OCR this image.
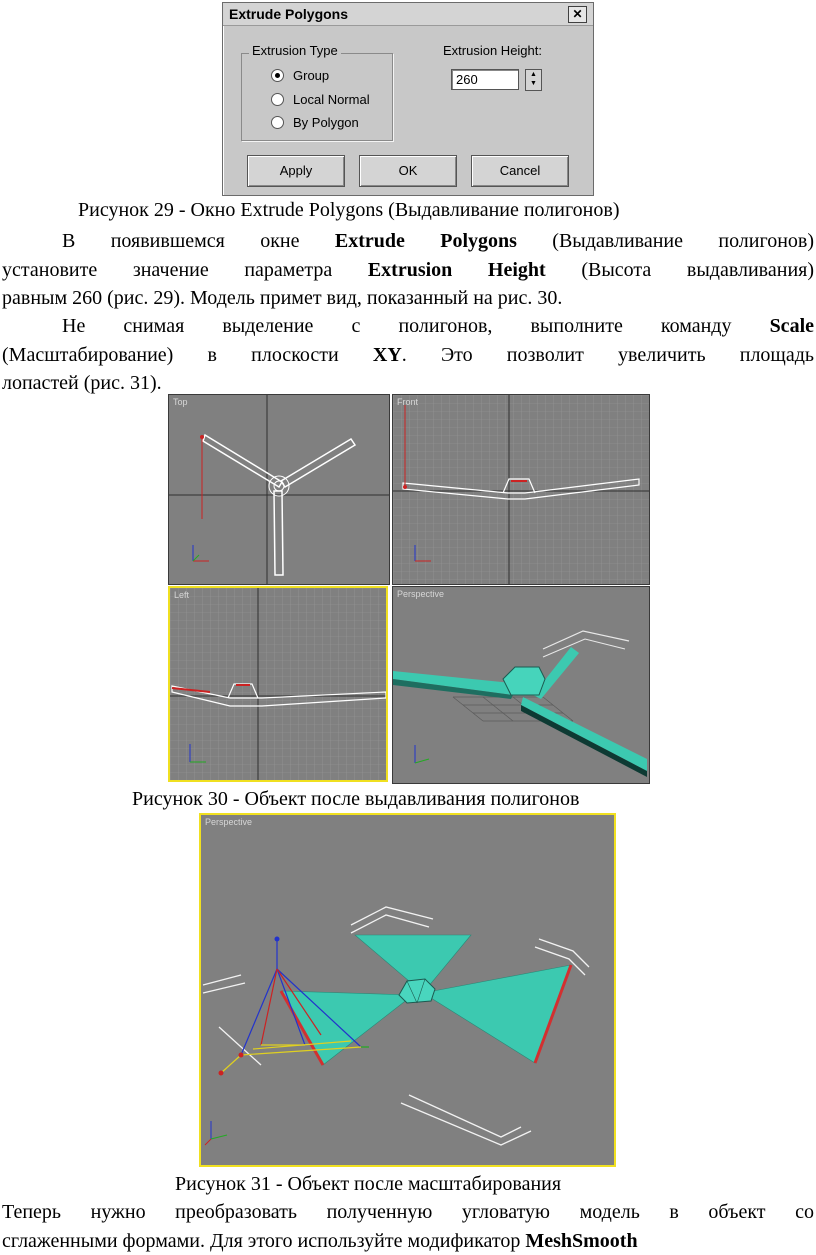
Extrude Polygons	✕
Extrusion Type
Group
Local Normal
By Polygon
Extrusion Height:
260	▲
▼
Apply	OK	Cancel
Рисунок 29 - Окно Extrude Polygons (Выдавливание полигонов)
В появившемся окне Extrude Polygons (Выдавливание полигонов)
установите значение параметра Extrusion Height (Высота выдавливания)
равным 260 (рис. 29). Модель примет вид, показанный на рис. 30.
Не снимая выделение с полигонов, выполните команду Scale
(Масштабирование) в плоскости XY. Это позволит увеличить площадь
лопастей (рис. 31).
Top	Front
Left	Perspective
Рисунок 30 - Объект после выдавливания полигонов
Perspective
Рисунок 31 - Объект после масштабирования
Теперь нужно преобразовать полученную угловатую модель в объект со
сглаженными формами. Для этого используйте модификатор MeshSmooth
